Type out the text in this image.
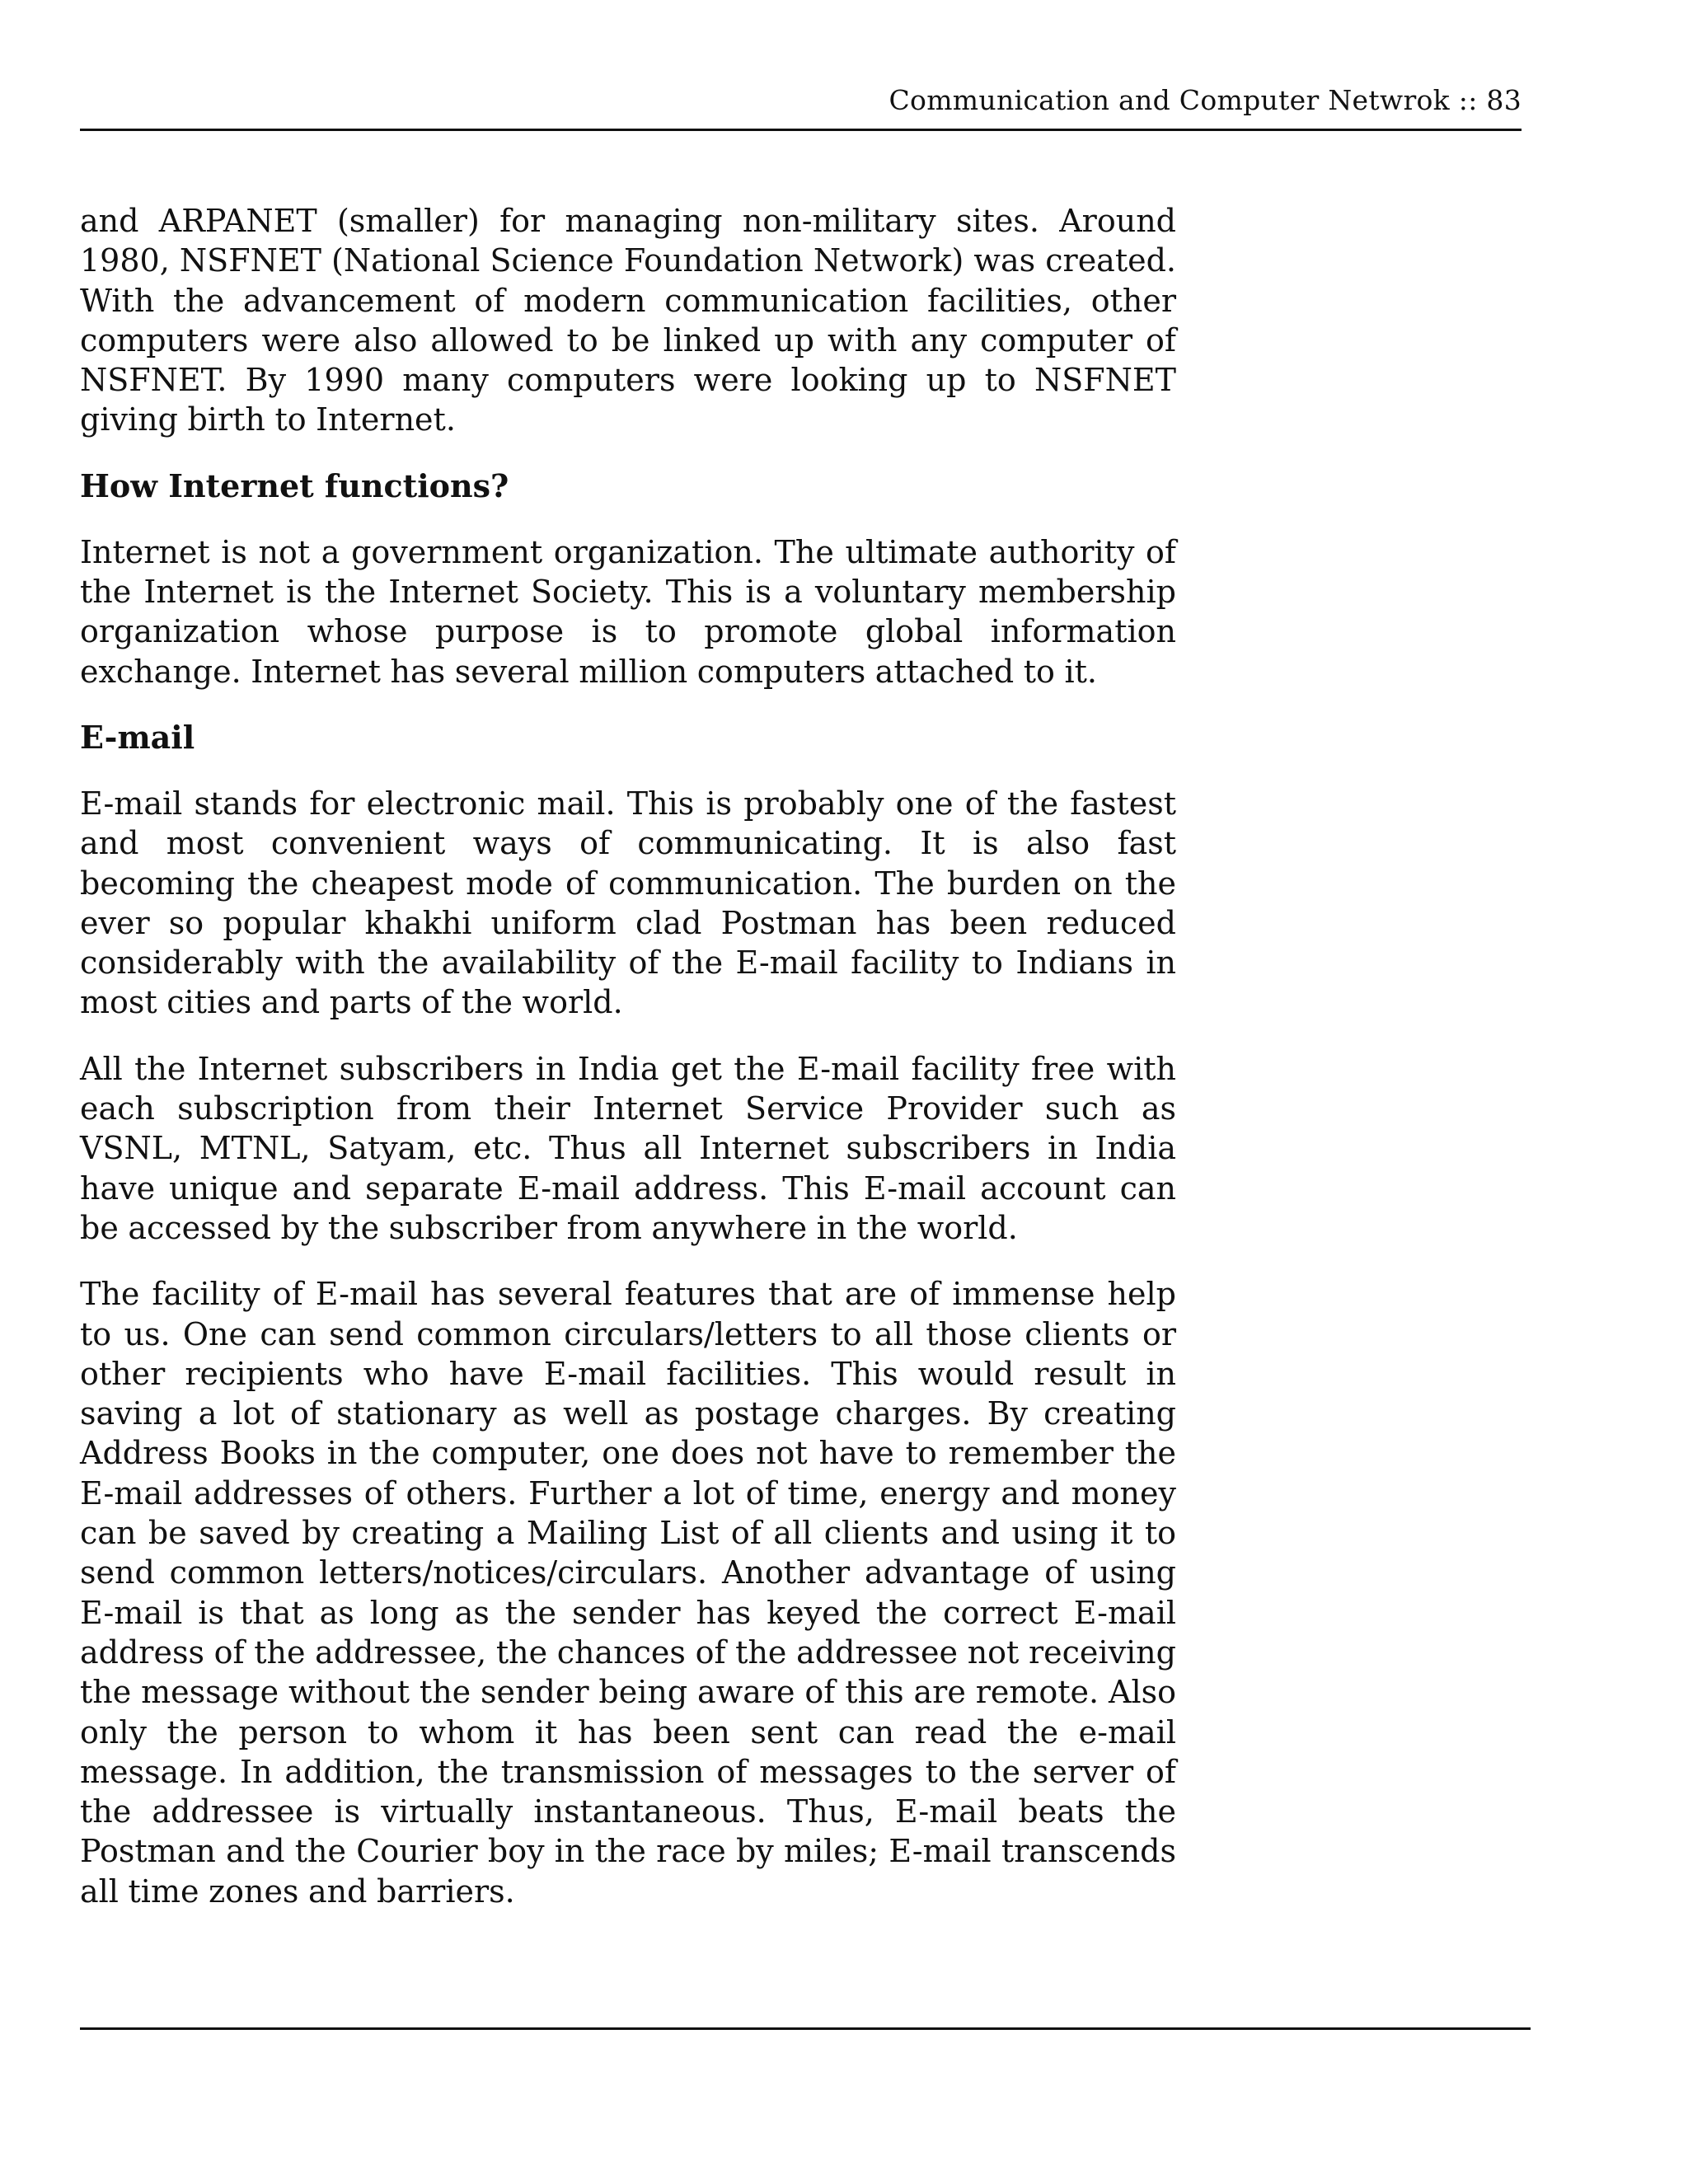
Communication and Computer Netwrok :: 83

and ARPANET (smaller) for managing non-military sites. Around 1980, NSFNET (National Science Foundation Network) was created. With the advancement of modern communication facilities, other computers were also allowed to be linked up with any computer of NSFNET. By 1990 many computers were looking up to NSFNET giving birth to Internet.

How Internet functions?

Internet is not a government organization. The ultimate authority of the Internet is the Internet Society. This is a voluntary membership organization whose purpose is to promote global information exchange. Internet has several million computers attached to it.

E-mail

E-mail stands for electronic mail. This is probably one of the fastest and most convenient ways of communicating. It is also fast becoming the cheapest mode of communication. The burden on the ever so popular khakhi uniform clad Postman has been reduced considerably with the availability of the E-mail facility to Indians in most cities and parts of the world.

All the Internet subscribers in India get the E-mail facility free with each subscription from their Internet Service Provider such as VSNL, MTNL, Satyam, etc. Thus all Internet subscribers in India have unique and separate E-mail address. This E-mail account can be accessed by the subscriber from anywhere in the world.

The facility of E-mail has several features that are of immense help to us. One can send common circulars/letters to all those clients or other recipients who have E-mail facilities. This would result in saving a lot of stationary as well as postage charges. By creating Address Books in the computer, one does not have to remember the E-mail addresses of others. Further a lot of time, energy and money can be saved by creating a Mailing List of all clients and using it to send common letters/notices/circulars. Another advantage of using E-mail is that as long as the sender has keyed the correct E-mail address of the addressee, the chances of the addressee not receiving the message without the sender being aware of this are remote. Also only the person to whom it has been sent can read the e-mail message. In addition, the transmission of messages to the server of the addressee is virtually instantaneous. Thus, E-mail beats the Postman and the Courier boy in the race by miles; E-mail transcends all time zones and barriers.
